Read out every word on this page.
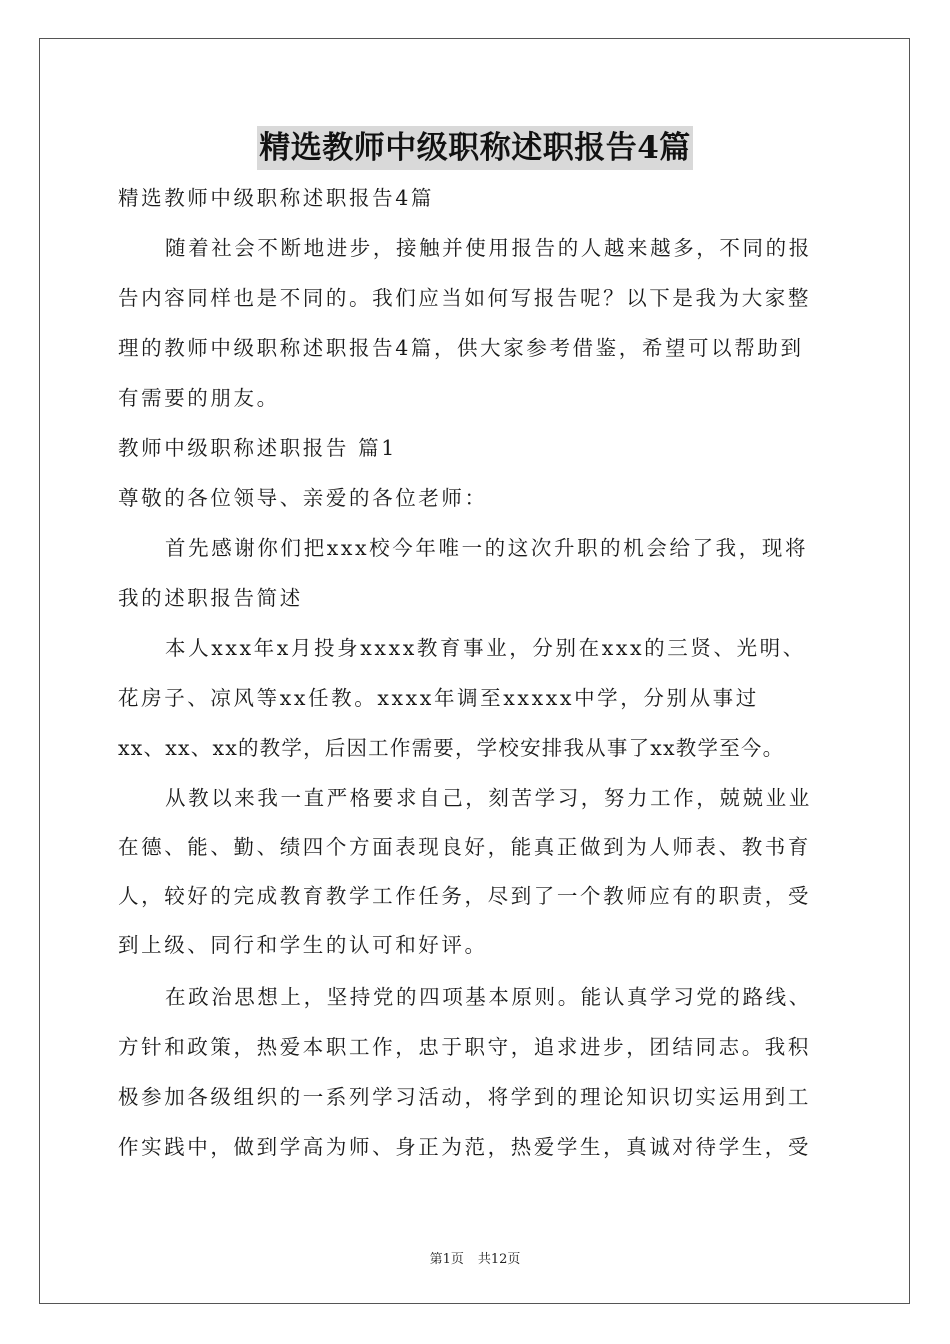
精选教师中级职称述职报告4篇
精选教师中级职称述职报告4篇
随着社会不断地进步，接触并使用报告的人越来越多，不同的报
告内容同样也是不同的。我们应当如何写报告呢？以下是我为大家整
理的教师中级职称述职报告4篇，供大家参考借鉴，希望可以帮助到
有需要的朋友。
教师中级职称述职报告 篇1
尊敬的各位领导、亲爱的各位老师：
首先感谢你们把xxx校今年唯一的这次升职的机会给了我，现将
我的述职报告简述
本人xxx年x月投身xxxx教育事业，分别在xxx的三贤、光明、
花房子、凉风等xx任教。xxxx年调至xxxxx中学，分别从事过
xx、xx、xx的教学，后因工作需要，学校安排我从事了xx教学至今。
从教以来我一直严格要求自己，刻苦学习，努力工作，兢兢业业
在德、能、勤、绩四个方面表现良好，能真正做到为人师表、教书育
人，较好的完成教育教学工作任务，尽到了一个教师应有的职责，受
到上级、同行和学生的认可和好评。
在政治思想上，坚持党的四项基本原则。能认真学习党的路线、
方针和政策，热爱本职工作，忠于职守，追求进步，团结同志。我积
极参加各级组织的一系列学习活动，将学到的理论知识切实运用到工
作实践中，做到学高为师、身正为范，热爱学生，真诚对待学生，受
第1页 共12页
